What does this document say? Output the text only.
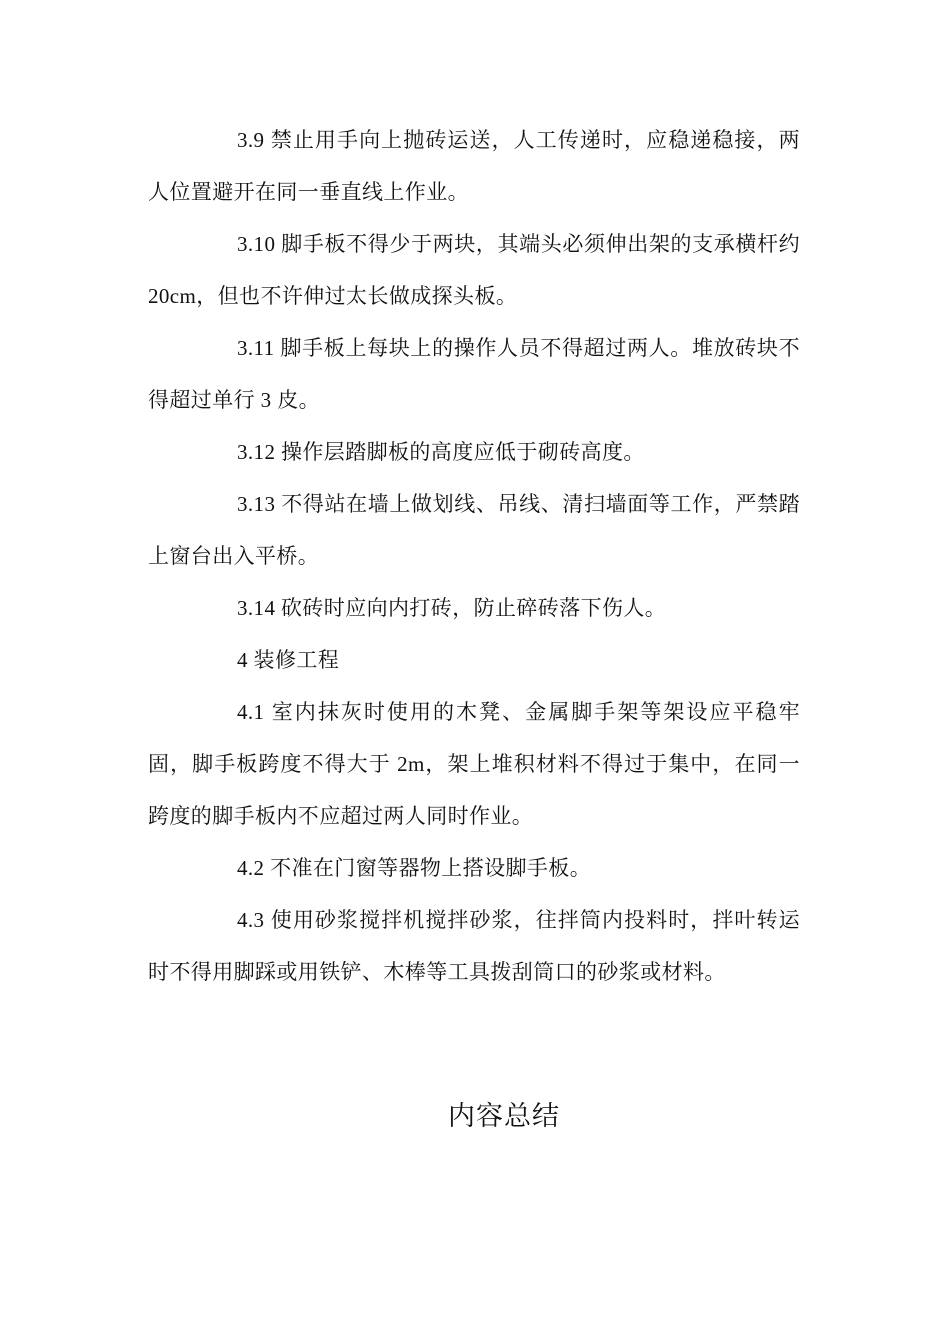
3.9 禁止用手向上抛砖运送，人工传递时，应稳递稳接，两人位置避开在同一垂直线上作业。

3.10 脚手板不得少于两块，其端头必须伸出架的支承横杆约 20cm，但也不许伸过太长做成探头板。

3.11 脚手板上每块上的操作人员不得超过两人。堆放砖块不得超过单行 3 皮。

3.12 操作层踏脚板的高度应低于砌砖高度。

3.13 不得站在墙上做划线、吊线、清扫墙面等工作，严禁踏上窗台出入平桥。

3.14 砍砖时应向内打砖，防止碎砖落下伤人。

4 装修工程

4.1 室内抹灰时使用的木凳、金属脚手架等架设应平稳牢固，脚手板跨度不得大于 2m，架上堆积材料不得过于集中，在同一跨度的脚手板内不应超过两人同时作业。

4.2 不准在门窗等器物上搭设脚手板。

4.3 使用砂浆搅拌机搅拌砂浆，往拌筒内投料时，拌叶转运时不得用脚踩或用铁铲、木棒等工具拨刮筒口的砂浆或材料。

内容总结
